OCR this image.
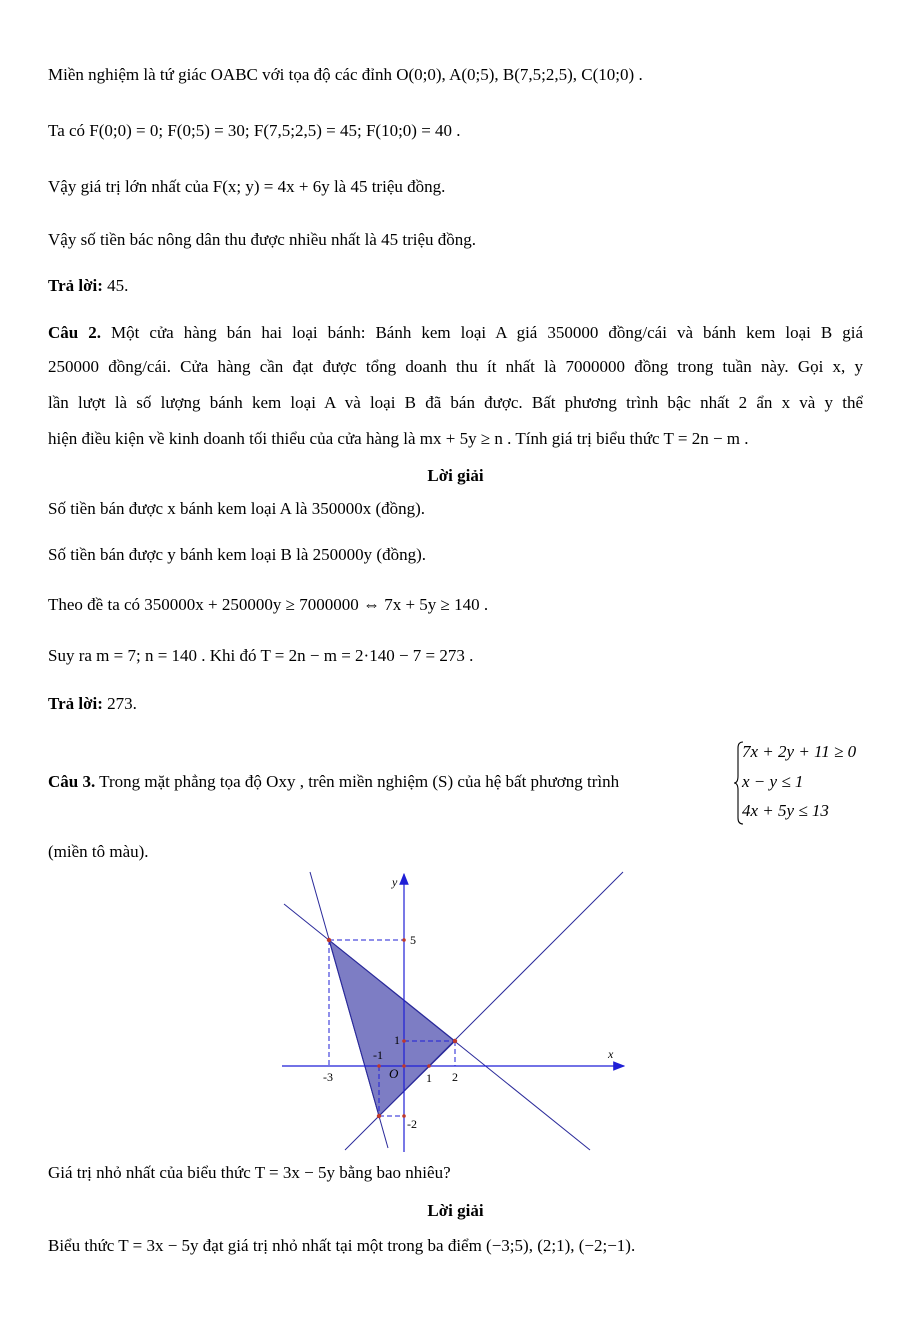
Miền nghiệm là tứ giác OABC với tọa độ các đỉnh O(0;0), A(0;5), B(7,5;2,5), C(10;0) .
Ta có F(0;0) = 0; F(0;5) = 30; F(7,5;2,5) = 45; F(10;0) = 40 .
Vậy giá trị lớn nhất của F(x; y) = 4x + 6y là 45 triệu đồng.
Vậy số tiền bác nông dân thu được nhiều nhất là 45 triệu đồng.
Trả lời: 45.
Câu 2. Một cửa hàng bán hai loại bánh: Bánh kem loại A giá 350000 đồng/cái và bánh kem loại B giá
250000 đồng/cái. Cửa hàng cần đạt được tổng doanh thu ít nhất là 7000000 đồng trong tuần này. Gọi x, y
lần lượt là số lượng bánh kem loại A và loại B đã bán được. Bất phương trình bậc nhất 2 ẩn x và y thể
hiện điều kiện về kinh doanh tối thiểu của cửa hàng là mx + 5y ≥ n . Tính giá trị biểu thức T = 2n − m .
Lời giải
Số tiền bán được x bánh kem loại A là 350000x (đồng).
Số tiền bán được y bánh kem loại B là 250000y (đồng).
Theo đề ta có 350000x + 250000y ≥ 7000000 ⇔ 7x + 5y ≥ 140 .
Suy ra m = 7; n = 140 . Khi đó T = 2n − m = 2·140 − 7 = 273 .
Trả lời: 273.
Câu 3. Trong mặt phẳng tọa độ Oxy , trên miền nghiệm (S) của hệ bất phương trình
7x + 2y + 11 ≥ 0
x − y ≤ 1
4x + 5y ≤ 13
(miền tô màu).
y
x
O
-3
-1
1 2
5
1
-2
Giá trị nhỏ nhất của biểu thức T = 3x − 5y bằng bao nhiêu?
Lời giải
Biểu thức T = 3x − 5y đạt giá trị nhỏ nhất tại một trong ba điểm (−3;5), (2;1), (−2;−1).
